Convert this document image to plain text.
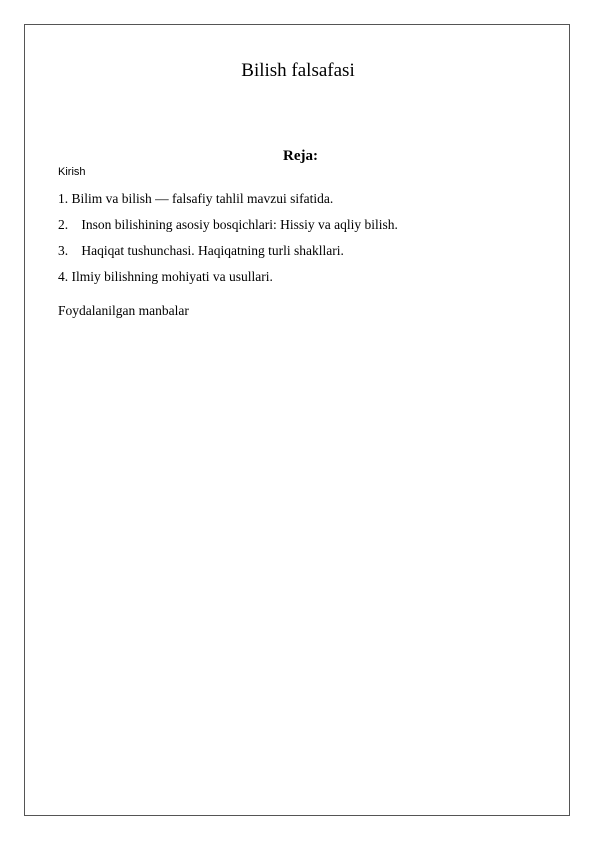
Bilish falsafasi
Reja:
Kirish
1. Bilim va bilish — falsafiy tahlil mavzui sifatida.
2. Inson bilishining asosiy bosqichlari: Hissiy va aqliy bilish.
3. Haqiqat tushunchasi. Haqiqatning turli shakllari.
4. Ilmiy bilishning mohiyati va usullari.
Foydalanilgan manbalar
